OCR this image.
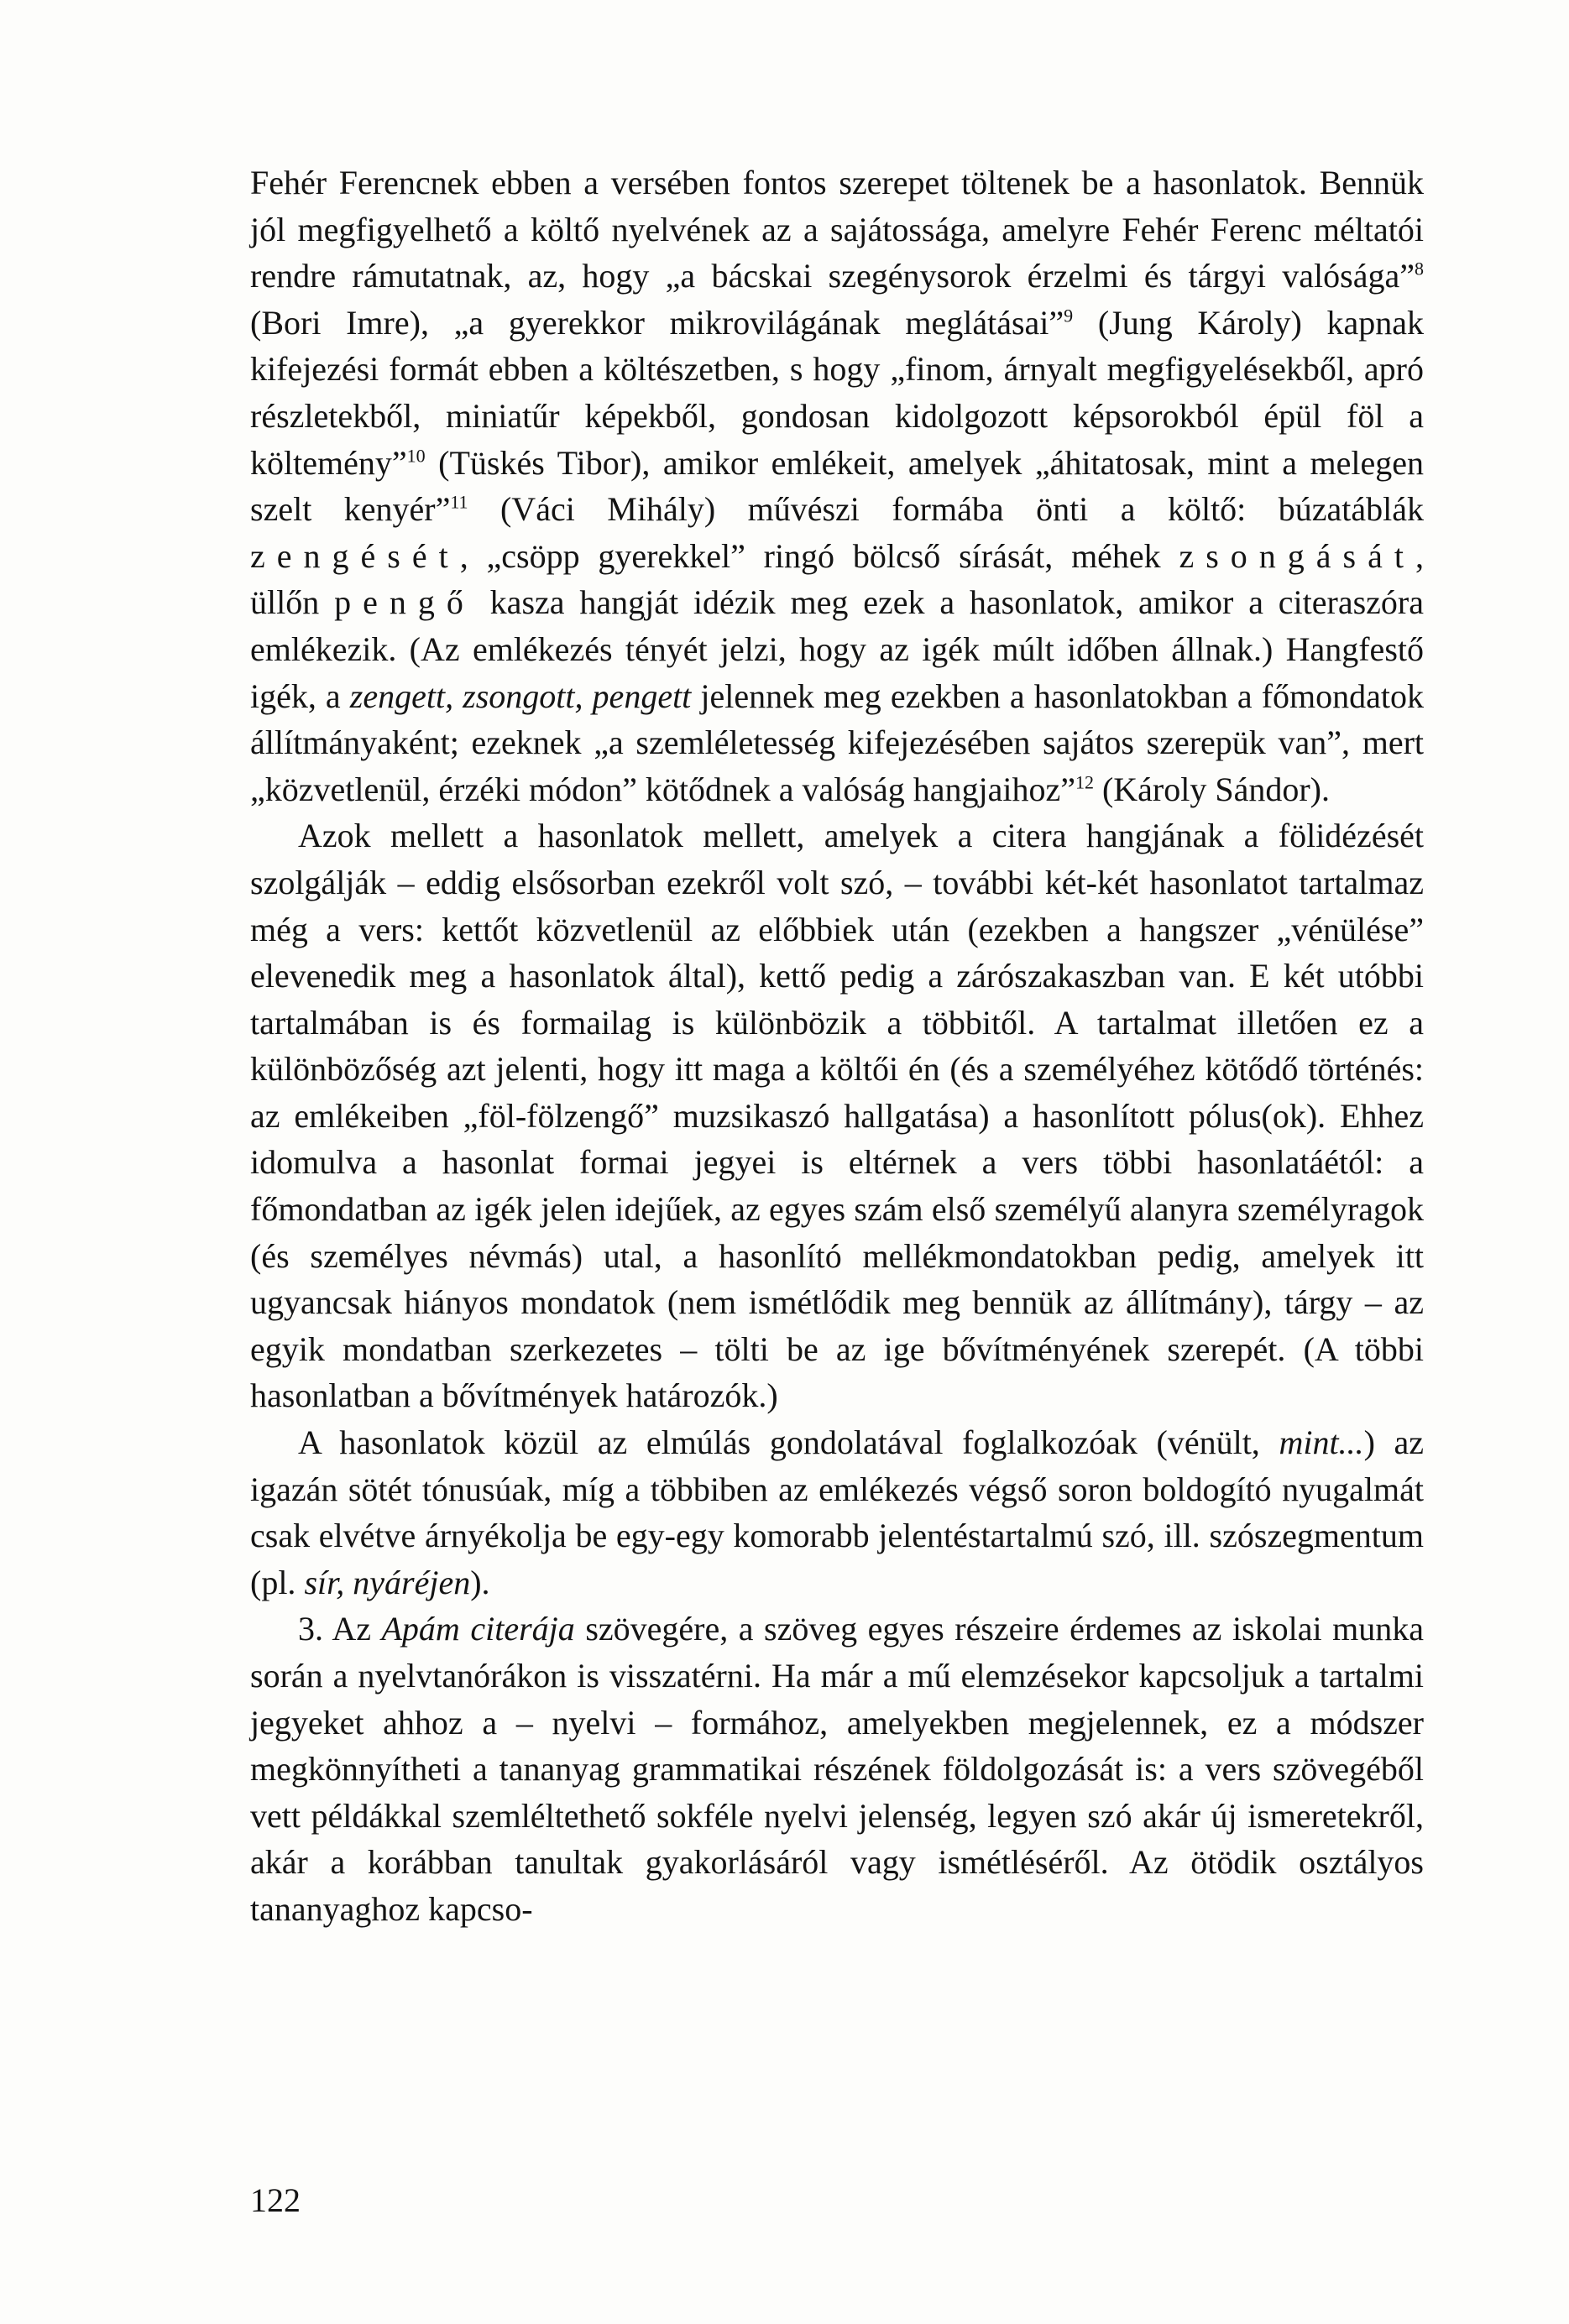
Fehér Ferencnek ebben a versében fontos szerepet töltenek be a hasonlatok. Bennük jól megfigyelhető a költő nyelvének az a sajátossága, amelyre Fehér Ferenc méltatói rendre rámutatnak, az, hogy „a bácskai szegénysorok érzelmi és tárgyi valósága”$^8$ (Bori Imre), „a gyerekkor mikrovilágának meglátásai”$^9$ (Jung Károly) kapnak kifejezési formát ebben a költészetben, s hogy „finom, árnyalt megfigyelésekből, apró részletekből, miniatűr képekből, gondosan kidolgozott képsorokból épül föl a költemény”$^{10}$ (Tüskés Tibor), amikor emlékeit, amelyek „áhitatosak, mint a melegen szelt kenyér”$^{11}$ (Váci Mihály) művészi formába önti a költő: búzatáblák zengését, „csöpp gyerekkel” ringó bölcső sírását, méhek zsongását, üllőn pengő kasza hangját idézik meg ezek a hasonlatok, amikor a citeraszóra emlékezik. (Az emlékezés tényét jelzi, hogy az igék múlt időben állnak.) Hangfestő igék, a zengett, zsongott, pengett jelennek meg ezekben a hasonlatokban a főmondatok állítmányaként; ezeknek „a szemléletesség kifejezésében sajátos szerepük van”, mert „közvetlenül, érzéki módon” kötődnek a valóság hangjaihoz”$^{12}$ (Károly Sándor).

Azok mellett a hasonlatok mellett, amelyek a citera hangjának a fölidézését szolgálják – eddig elsősorban ezekről volt szó, – további két-két hasonlatot tartalmaz még a vers: kettőt közvetlenül az előbbiek után (ezekben a hangszer „vénülése” elevenedik meg a hasonlatok által), kettő pedig a zárószakaszban van. E két utóbbi tartalmában is és formailag is különbözik a többitől. A tartalmat illetően ez a különbözőség azt jelenti, hogy itt maga a költői én (és a személyéhez kötődő történés: az emlékeiben „föl-fölzengő” muzsikaszó hallgatása) a hasonlított pólus(ok). Ehhez idomulva a hasonlat formai jegyei is eltérnek a vers többi hasonlatáétól: a főmondatban az igék jelen idejűek, az egyes szám első személyű alanyra személyragok (és személyes névmás) utal, a hasonlító mellékmondatokban pedig, amelyek itt ugyancsak hiányos mondatok (nem ismétlődik meg bennük az állítmány), tárgy – az egyik mondatban szerkezetes – tölti be az ige bővítményének szerepét. (A többi hasonlatban a bővítmények határozók.)

A hasonlatok közül az elmúlás gondolatával foglalkozóak (vénült, mint...) az igazán sötét tónusúak, míg a többiben az emlékezés végső soron boldogító nyugalmát csak elvétve árnyékolja be egy-egy komorabb jelentéstartalmú szó, ill. szószegmentum (pl. sír, nyáréjen).

3. Az Apám citerája szövegére, a szöveg egyes részeire érdemes az iskolai munka során a nyelvtanórákon is visszatérni. Ha már a mű elemzésekor kapcsoljuk a tartalmi jegyeket ahhoz a – nyelvi – formához, amelyekben megjelennek, ez a módszer megkönnyítheti a tananyag grammatikai részének földolgozását is: a vers szövegéből vett példákkal szemléltethető sokféle nyelvi jelenség, legyen szó akár új ismeretekről, akár a korábban tanultak gyakorlásáról vagy ismétléséről. Az ötödik osztályos tananyaghoz kapcso-

122
